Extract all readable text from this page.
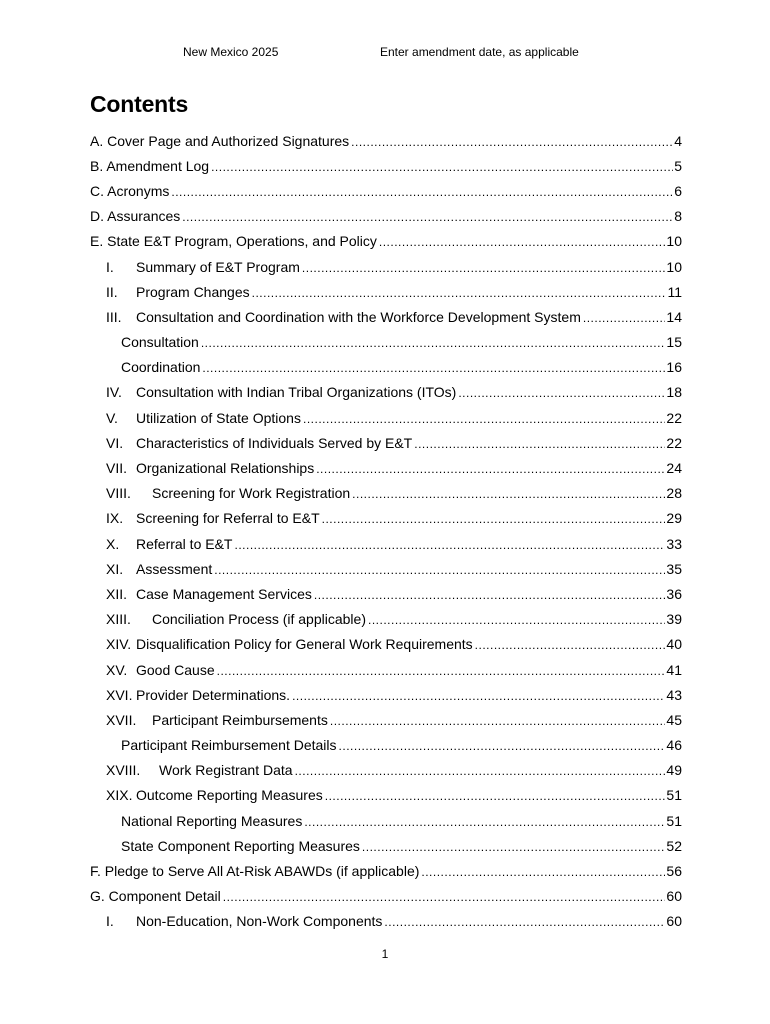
New Mexico 2025	Enter amendment date, as applicable
Contents
A. Cover Page and Authorized Signatures .....	4
B. Amendment Log .....	5
C. Acronyms .....	6
D. Assurances .....	8
E. State E&T Program, Operations, and Policy .....	10
I.	Summary of E&T Program .....	10
II.	Program Changes .....	11
III.	Consultation and Coordination with the Workforce Development System .....	14
Consultation .....	15
Coordination .....	16
IV.	Consultation with Indian Tribal Organizations (ITOs) .....	18
V.	Utilization of State Options .....	22
VI. Characteristics of Individuals Served by E&T .....	22
VII. Organizational Relationships .....	24
VIII.	Screening for Work Registration .....	28
IX. Screening for Referral to E&T .....	29
X.	Referral to E&T .....	33
XI. Assessment .....	35
XII. Case Management Services .....	36
XIII.	Conciliation Process (if applicable) .....	39
XIV. Disqualification Policy for General Work Requirements .....	40
XV. Good Cause .....	41
XVI. Provider Determinations. .....	43
XVII.	Participant Reimbursements .....	45
Participant Reimbursement Details .....	46
XVIII.	Work Registrant Data .....	49
XIX. Outcome Reporting Measures .....	51
National Reporting Measures .....	51
State Component Reporting Measures .....	52
F. Pledge to Serve All At-Risk ABAWDs (if applicable) .....	56
G. Component Detail .....	60
I.	Non-Education, Non-Work Components .....	60
1
